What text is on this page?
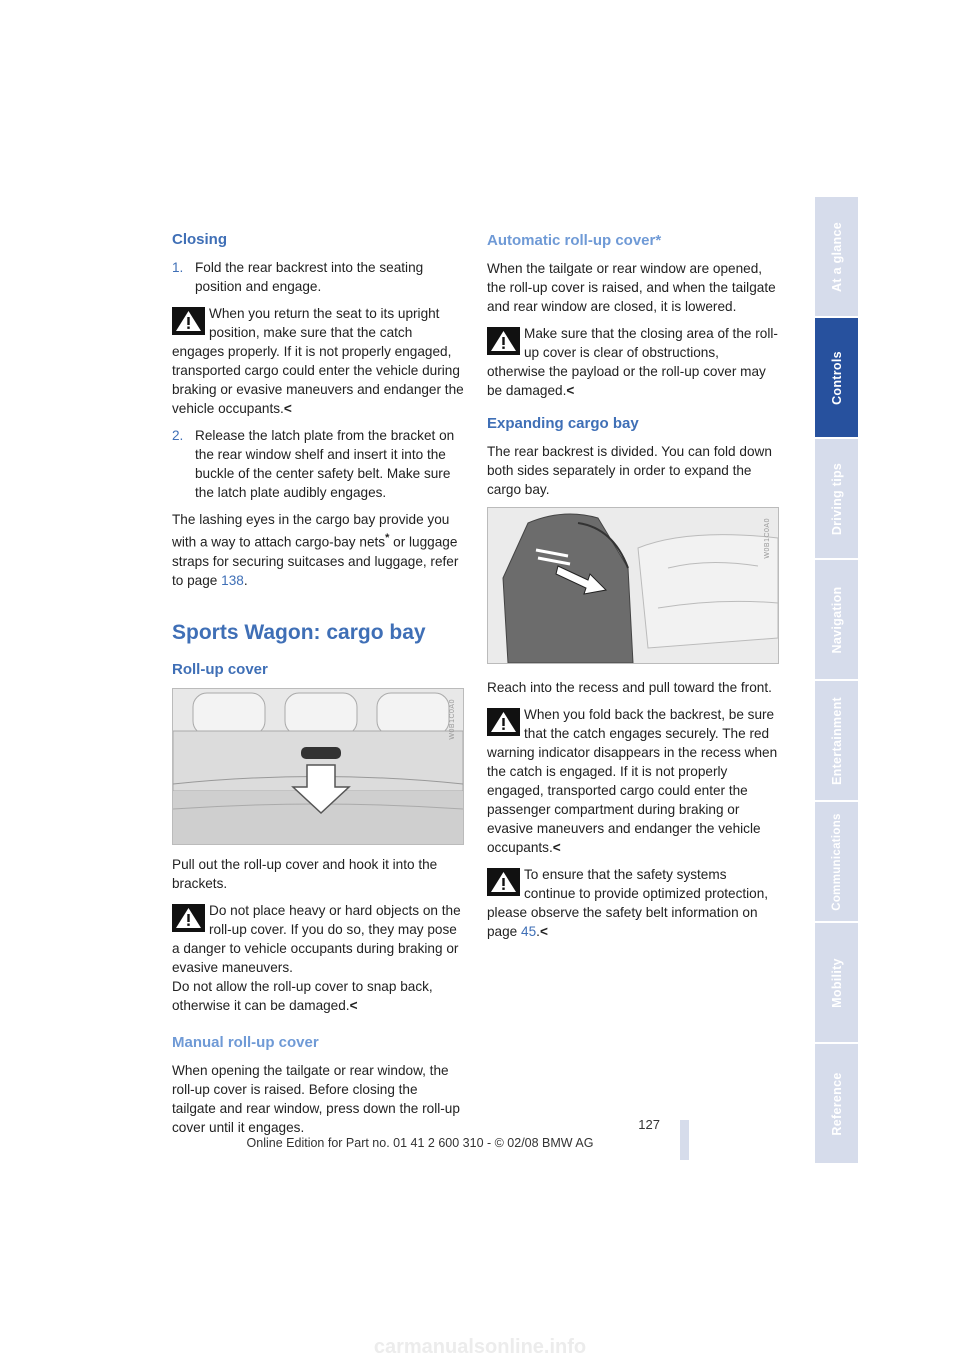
Closing
1. Fold the rear backrest into the seating position and engage.
When you return the seat to its upright position, make sure that the catch engages properly. If it is not properly engaged, transported cargo could enter the vehicle during braking or evasive maneuvers and endanger the vehicle occupants.<
2. Release the latch plate from the bracket on the rear window shelf and insert it into the buckle of the center safety belt. Make sure the latch plate audibly engages.

The lashing eyes in the cargo bay provide you with a way to attach cargo-bay nets* or luggage straps for securing suitcases and luggage, refer to page 138.

Sports Wagon: cargo bay
Roll-up cover
W0B1C0A0

Pull out the roll-up cover and hook it into the brackets.

Do not place heavy or hard objects on the roll-up cover. If you do so, they may pose a danger to vehicle occupants during braking or evasive maneuvers.
Do not allow the roll-up cover to snap back, otherwise it can be damaged.<
Manual roll-up cover

When opening the tailgate or rear window, the roll-up cover is raised. Before closing the tailgate and rear window, press down the roll-up cover until it engages.

Automatic roll-up cover*

When the tailgate or rear window are opened, the roll-up cover is raised, and when the tailgate and rear window are closed, it is lowered.

Make sure that the closing area of the roll-up cover is clear of obstructions, otherwise the payload or the roll-up cover may be damaged.<
Expanding cargo bay

The rear backrest is divided. You can fold down both sides separately in order to expand the cargo bay.

W0B1C0A0

Reach into the recess and pull toward the front.

When you fold back the backrest, be sure that the catch engages securely. The red warning indicator disappears in the recess when the catch is engaged. If it is not properly engaged, transported cargo could enter the passenger compartment during braking or evasive maneuvers and endanger the vehicle occupants.<
To ensure that the safety systems continue to provide optimized protection, please observe the safety belt information on page 45.<
At a glance
Controls
Driving tips
Navigation
Entertainment
Communications
Mobility
Reference
127
Online Edition for Part no. 01 41 2 600 310 - © 02/08 BMW AG
carmanualsonline.info
